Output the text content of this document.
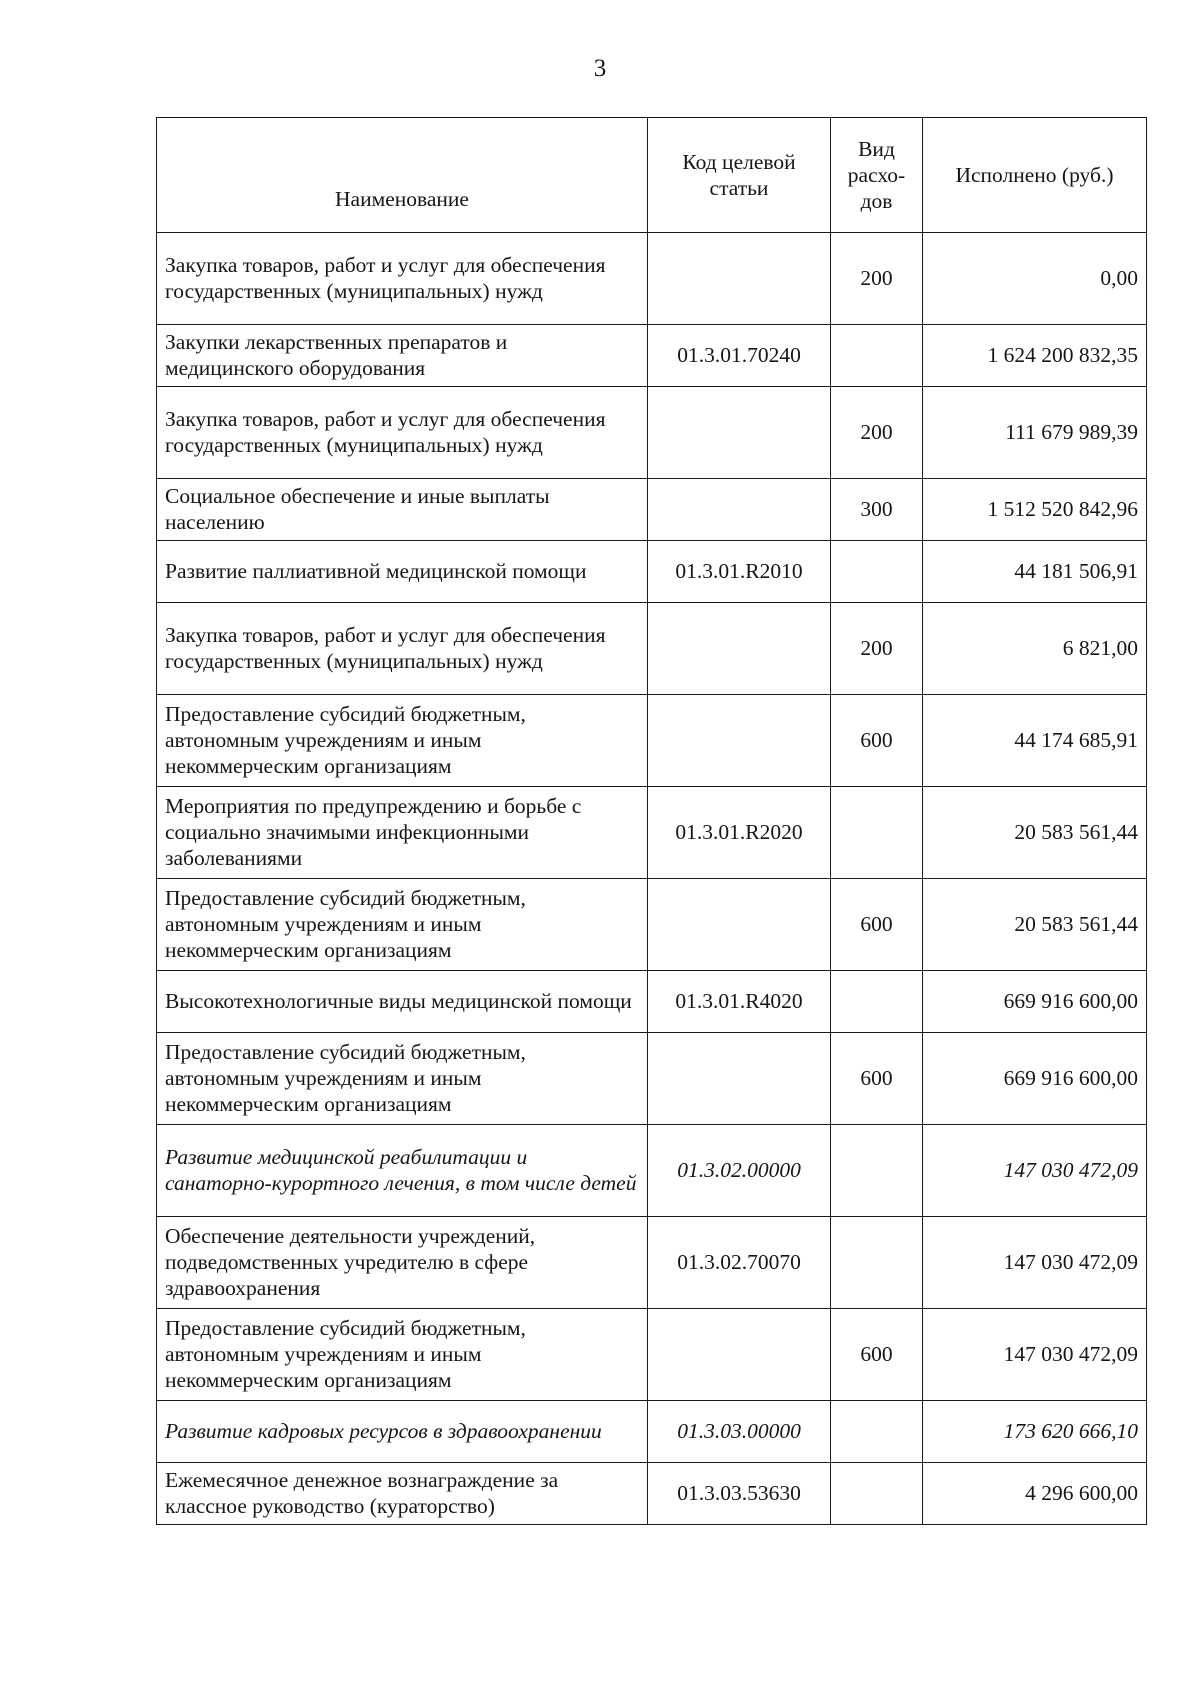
3
Наименование	Код целевой статьи	Вид расхо-дов	Исполнено (руб.)
Закупка товаров, работ и услуг для обеспечения государственных (муниципальных) нужд		200	0,00
Закупки лекарственных препаратов и медицинского оборудования	01.3.01.70240		1 624 200 832,35
Закупка товаров, работ и услуг для обеспечения государственных (муниципальных) нужд		200	111 679 989,39
Социальное обеспечение и иные выплаты населению		300	1 512 520 842,96
Развитие паллиативной медицинской помощи	01.3.01.R2010		44 181 506,91
Закупка товаров, работ и услуг для обеспечения государственных (муниципальных) нужд		200	6 821,00
Предоставление субсидий бюджетным, автономным учреждениям и иным некоммерческим организациям		600	44 174 685,91
Мероприятия по предупреждению и борьбе с социально значимыми инфекционными заболеваниями	01.3.01.R2020		20 583 561,44
Предоставление субсидий бюджетным, автономным учреждениям и иным некоммерческим организациям		600	20 583 561,44
Высокотехнологичные виды медицинской помощи	01.3.01.R4020		669 916 600,00
Предоставление субсидий бюджетным, автономным учреждениям и иным некоммерческим организациям		600	669 916 600,00
Развитие медицинской реабилитации и санаторно-курортного лечения, в том числе детей	01.3.02.00000		147 030 472,09
Обеспечение деятельности учреждений, подведомственных учредителю в сфере здравоохранения	01.3.02.70070		147 030 472,09
Предоставление субсидий бюджетным, автономным учреждениям и иным некоммерческим организациям		600	147 030 472,09
Развитие кадровых ресурсов в здравоохранении	01.3.03.00000		173 620 666,10
Ежемесячное денежное вознаграждение за классное руководство (кураторство)	01.3.03.53630		4 296 600,00
